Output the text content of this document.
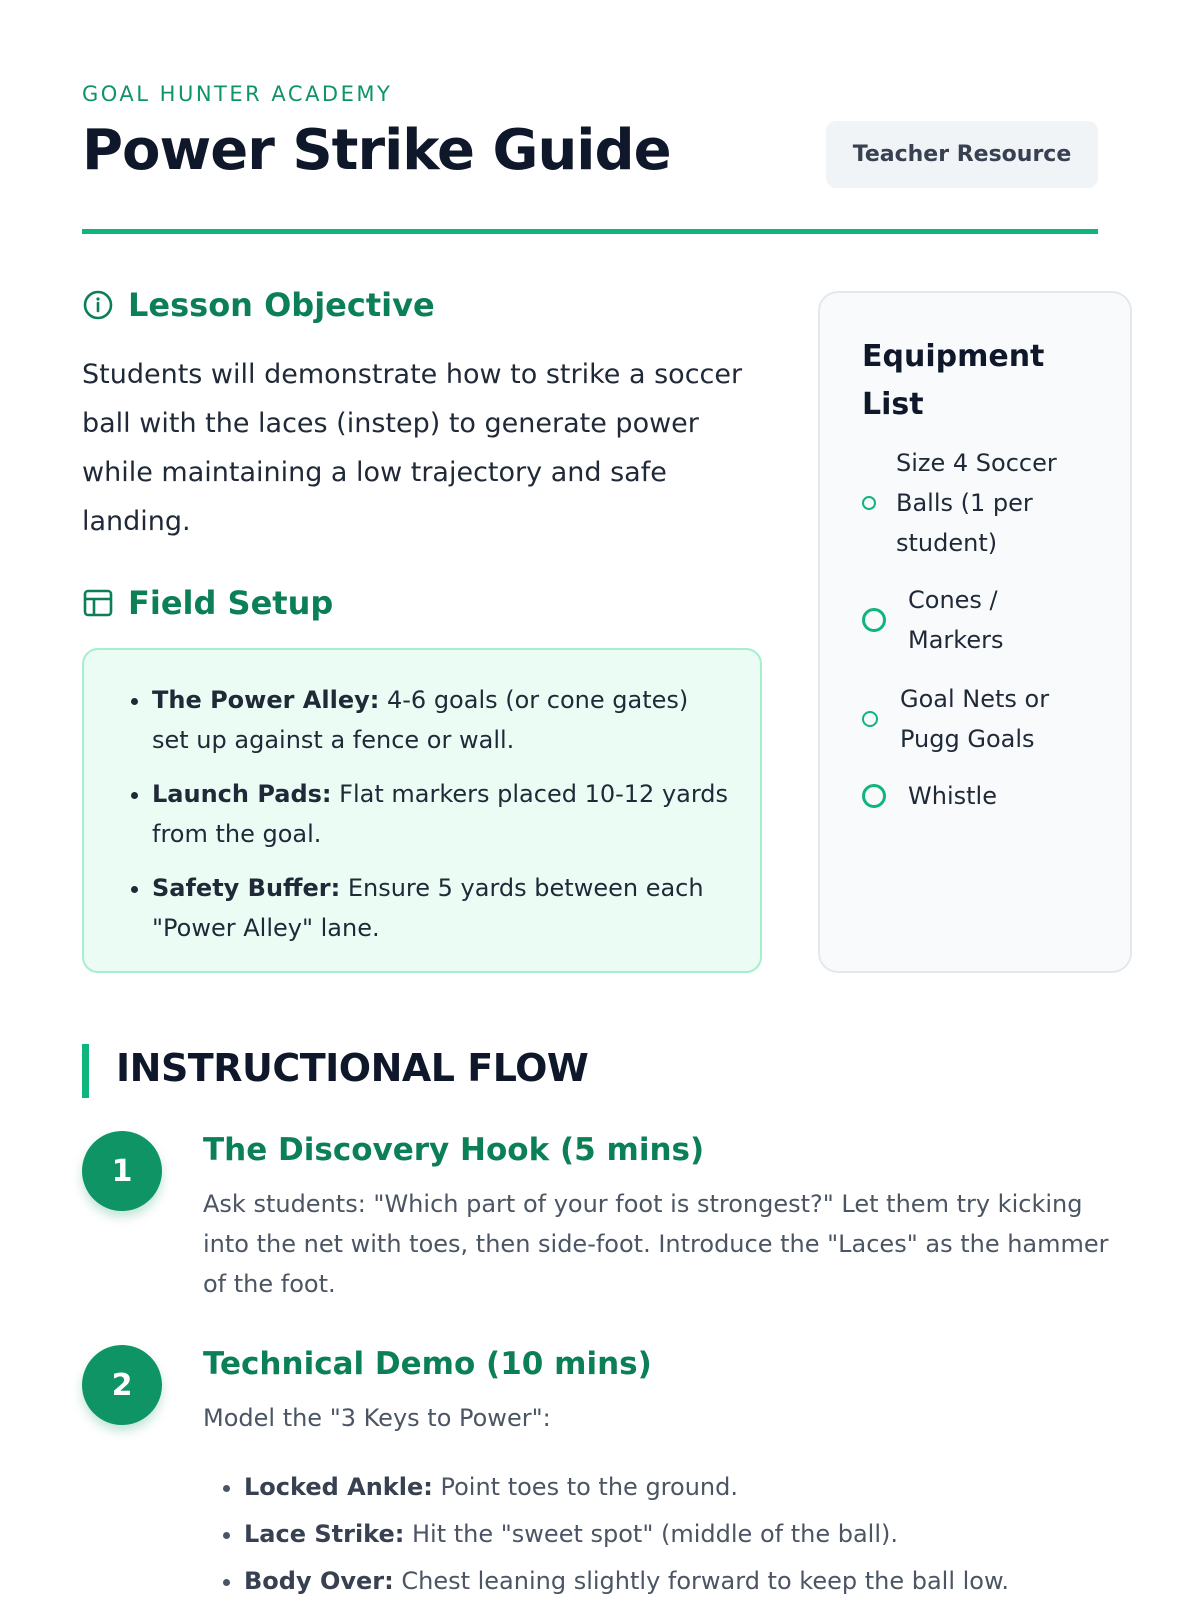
GOAL HUNTER ACADEMY
Power Strike Guide	Teacher Resource
Lesson Objective

Students will demonstrate how to strike a soccer ball with the laces (instep) to generate power while maintaining a low trajectory and safe landing.

Field Setup
• The Power Alley: 4-6 goals (or cone gates) set up against a fence or wall.
• Launch Pads: Flat markers placed 10-12 yards from the goal.
• Safety Buffer: Ensure 5 yards between each "Power Alley" lane.
Equipment List
Size 4 Soccer Balls (1 per student)
Cones / Markers
Goal Nets or Pugg Goals
Whistle
INSTRUCTIONAL FLOW
1
The Discovery Hook (5 mins)

Ask students: "Which part of your foot is strongest?" Let them try kicking into the net with toes, then side-foot. Introduce the "Laces" as the hammer of the foot.

2
Technical Demo (10 mins)

Model the "3 Keys to Power":

• Locked Ankle: Point toes to the ground.
• Lace Strike: Hit the "sweet spot" (middle of the ball).
• Body Over: Chest leaning slightly forward to keep the ball low.
